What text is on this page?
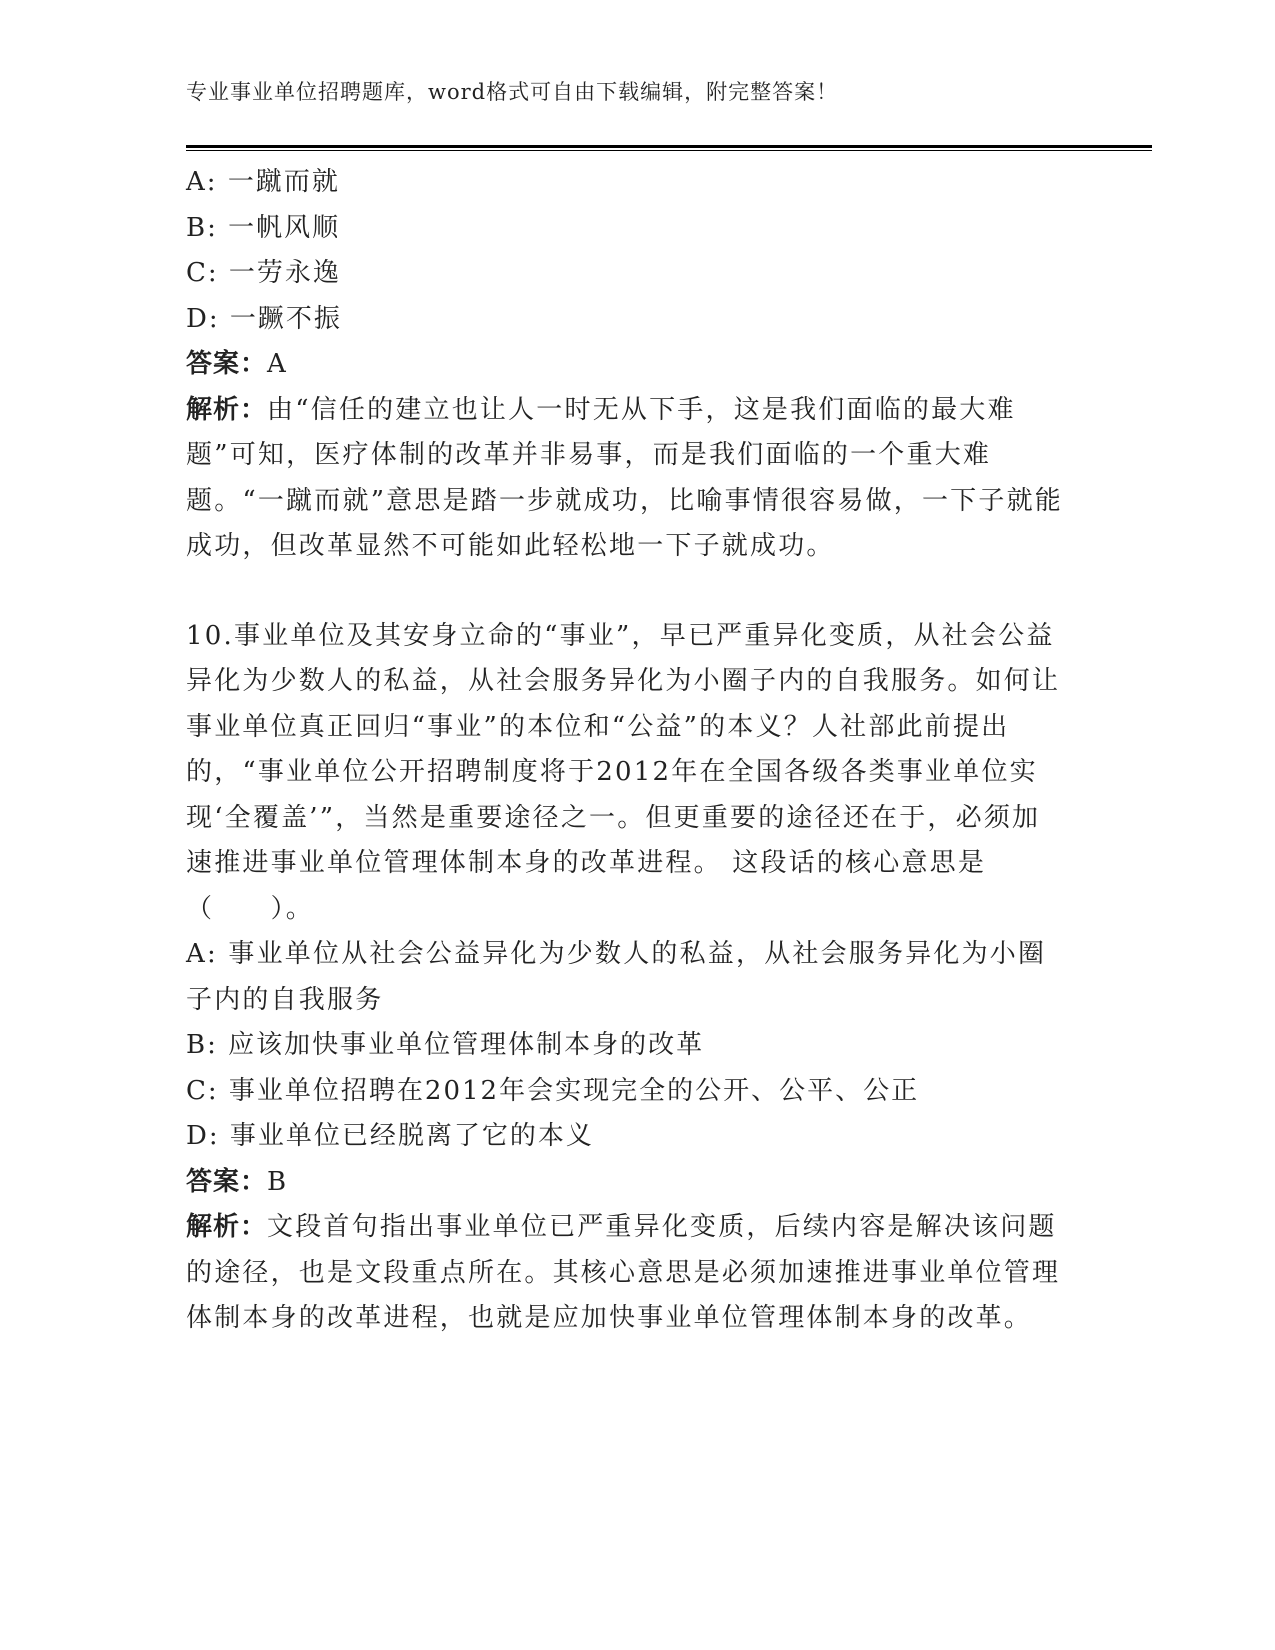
专业事业单位招聘题库，word格式可自由下载编辑，附完整答案！
A: 一蹴而就
B: 一帆风顺
C: 一劳永逸
D: 一蹶不振
答案：A
解析：由“信任的建立也让人一时无从下手，这是我们面临的最大难题”可知，医疗体制的改革并非易事，而是我们面临的一个重大难题。“一蹴而就”意思是踏一步就成功，比喻事情很容易做，一下子就能成功，但改革显然不可能如此轻松地一下子就成功。
10.事业单位及其安身立命的“事业”，早已严重异化变质，从社会公益异化为少数人的私益，从社会服务异化为小圈子内的自我服务。如何让事业单位真正回归“事业”的本位和“公益”的本义？人社部此前提出的，“事业单位公开招聘制度将于2012年在全国各级各类事业单位实现‘全覆盖’”，当然是重要途径之一。但更重要的途径还在于，必须加速推进事业单位管理体制本身的改革进程。 这段话的核心意思是（　　）。
A: 事业单位从社会公益异化为少数人的私益，从社会服务异化为小圈子内的自我服务
B: 应该加快事业单位管理体制本身的改革
C: 事业单位招聘在2012年会实现完全的公开、公平、公正
D: 事业单位已经脱离了它的本义
答案：B
解析：文段首句指出事业单位已严重异化变质，后续内容是解决该问题的途径，也是文段重点所在。其核心意思是必须加速推进事业单位管理体制本身的改革进程，也就是应加快事业单位管理体制本身的改革。
